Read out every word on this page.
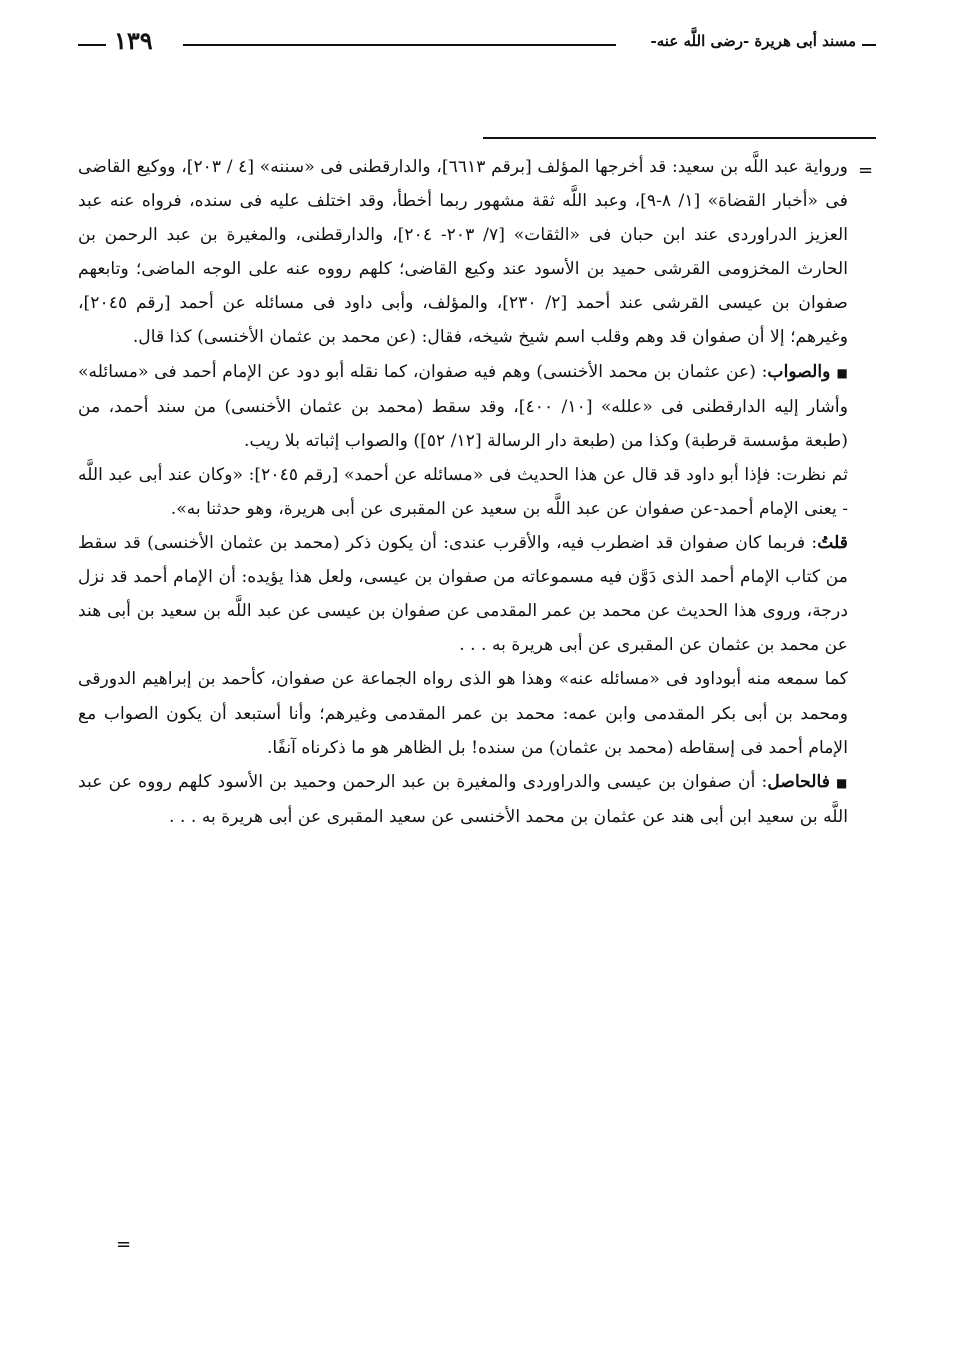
مسند أبى هريرة -رضى اللَّه عنه-
١٣٩
=

ورواية عبد اللَّه بن سعيد: قد أخرجها المؤلف [برقم ٦٦١٣]، والدارقطنى فى «سننه» [٤ / ٢٠٣]، ووكيع القاضى فى «أخبار القضاة» [١/ ٨-٩]، وعبد اللَّه ثقة مشهور ربما أخطأ، وقد اختلف عليه فى سنده، فرواه عنه عبد العزيز الدراوردى عند ابن حبان فى «الثقات» [٧/ ٢٠٣- ٢٠٤]، والدارقطنى، والمغيرة بن عبد الرحمن بن الحارث المخزومى القرشى حميد بن الأسود عند وكيع القاضى؛ كلهم رووه عنه على الوجه الماضى؛ وتابعهم صفوان بن عيسى القرشى عند أحمد [٢/ ٢٣٠]، والمؤلف، وأبى داود فى مسائله عن أحمد [رقم ٢٠٤٥]، وغيرهم؛ إلا أن صفوان قد وهم وقلب اسم شيخ شيخه، فقال: (عن محمد بن عثمان الأخنسى) كذا قال.

■والصواب: (عن عثمان بن محمد الأخنسى) وهم فيه صفوان، كما نقله أبو دود عن الإمام أحمد فى «مسائله» وأشار إليه الدارقطنى فى «علله» [١٠/ ٤٠٠]، وقد سقط (محمد بن عثمان الأخنسى) من سند أحمد، من (طبعة مؤسسة قرطبة) وكذا من (طبعة دار الرسالة [١٢/ ٥٢]) والصواب إثباته بلا ريب.

ثم نظرت: فإذا أبو داود قد قال عن هذا الحديث فى «مسائله عن أحمد» [رقم ٢٠٤٥]: «وكان عند أبى عبد اللَّه - يعنى الإمام أحمد-عن صفوان عن عبد اللَّه بن سعيد عن المقبرى عن أبى هريرة، وهو حدثنا به».

قلتُ: فربما كان صفوان قد اضطرب فيه، والأقرب عندى: أن يكون ذكر (محمد بن عثمان الأخنسى) قد سقط من كتاب الإمام أحمد الذى دَوَّن فيه مسموعاته من صفوان بن عيسى، ولعل هذا يؤيده: أن الإمام أحمد قد نزل درجة، وروى هذا الحديث عن محمد بن عمر المقدمى عن صفوان بن عيسى عن عبد اللَّه بن سعيد بن أبى هند عن محمد بن عثمان عن المقبرى عن أبى هريرة به . . .

كما سمعه منه أبوداود فى «مسائله عنه» وهذا هو الذى رواه الجماعة عن صفوان، كأحمد بن إبراهيم الدورقى ومحمد بن أبى بكر المقدمى وابن عمه: محمد بن عمر المقدمى وغيرهم؛ وأنا أستبعد أن يكون الصواب مع الإمام أحمد فى إسقاطه (محمد بن عثمان) من سنده! بل الظاهر هو ما ذكرناه آنفًا.

■فالحاصل: أن صفوان بن عيسى والدراوردى والمغيرة بن عبد الرحمن وحميد بن الأسود كلهم رووه عن عبد اللَّه بن سعيد ابن أبى هند عن عثمان بن محمد الأخنسى عن سعيد المقبرى عن أبى هريرة به . . .

=
